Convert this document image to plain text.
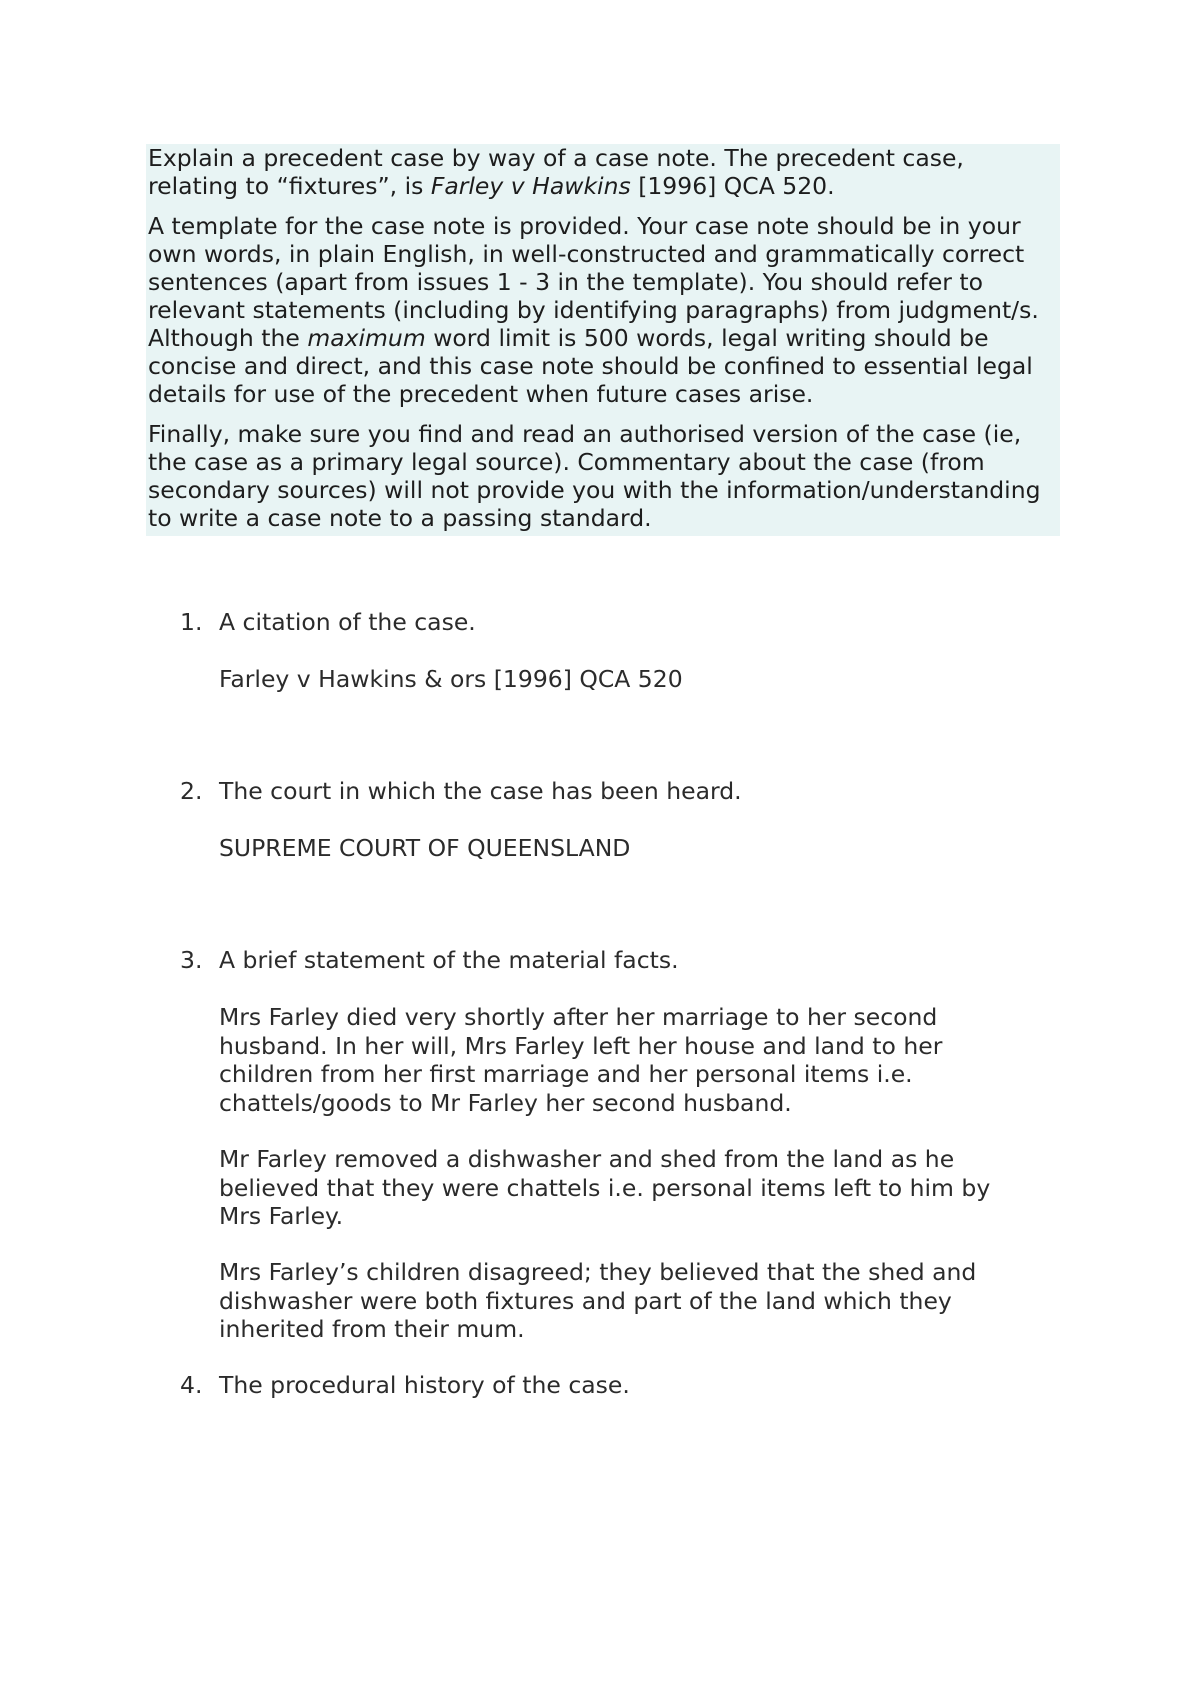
Explain a precedent case by way of a case note. The precedent case, relating to “fixtures”, is Farley v Hawkins [1996] QCA 520.

A template for the case note is provided. Your case note should be in your own words, in plain English, in well-constructed and grammatically correct sentences (apart from issues 1 - 3 in the template). You should refer to relevant statements (including by identifying paragraphs) from judgment/s. Although the maximum word limit is 500 words, legal writing should be concise and direct, and this case note should be confined to essential legal details for use of the precedent when future cases arise.

Finally, make sure you find and read an authorised version of the case (ie, the case as a primary legal source). Commentary about the case (from secondary sources) will not provide you with the information/understanding to write a case note to a passing standard.

1. A citation of the case.

Farley v Hawkins & ors [1996] QCA 520

2. The court in which the case has been heard.

SUPREME COURT OF QUEENSLAND

3. A brief statement of the material facts.

Mrs Farley died very shortly after her marriage to her second husband. In her will, Mrs Farley left her house and land to her children from her first marriage and her personal items i.e. chattels/goods to Mr Farley her second husband.

Mr Farley removed a dishwasher and shed from the land as he believed that they were chattels i.e. personal items left to him by Mrs Farley.

Mrs Farley’s children disagreed; they believed that the shed and dishwasher were both fixtures and part of the land which they inherited from their mum.

4. The procedural history of the case.
